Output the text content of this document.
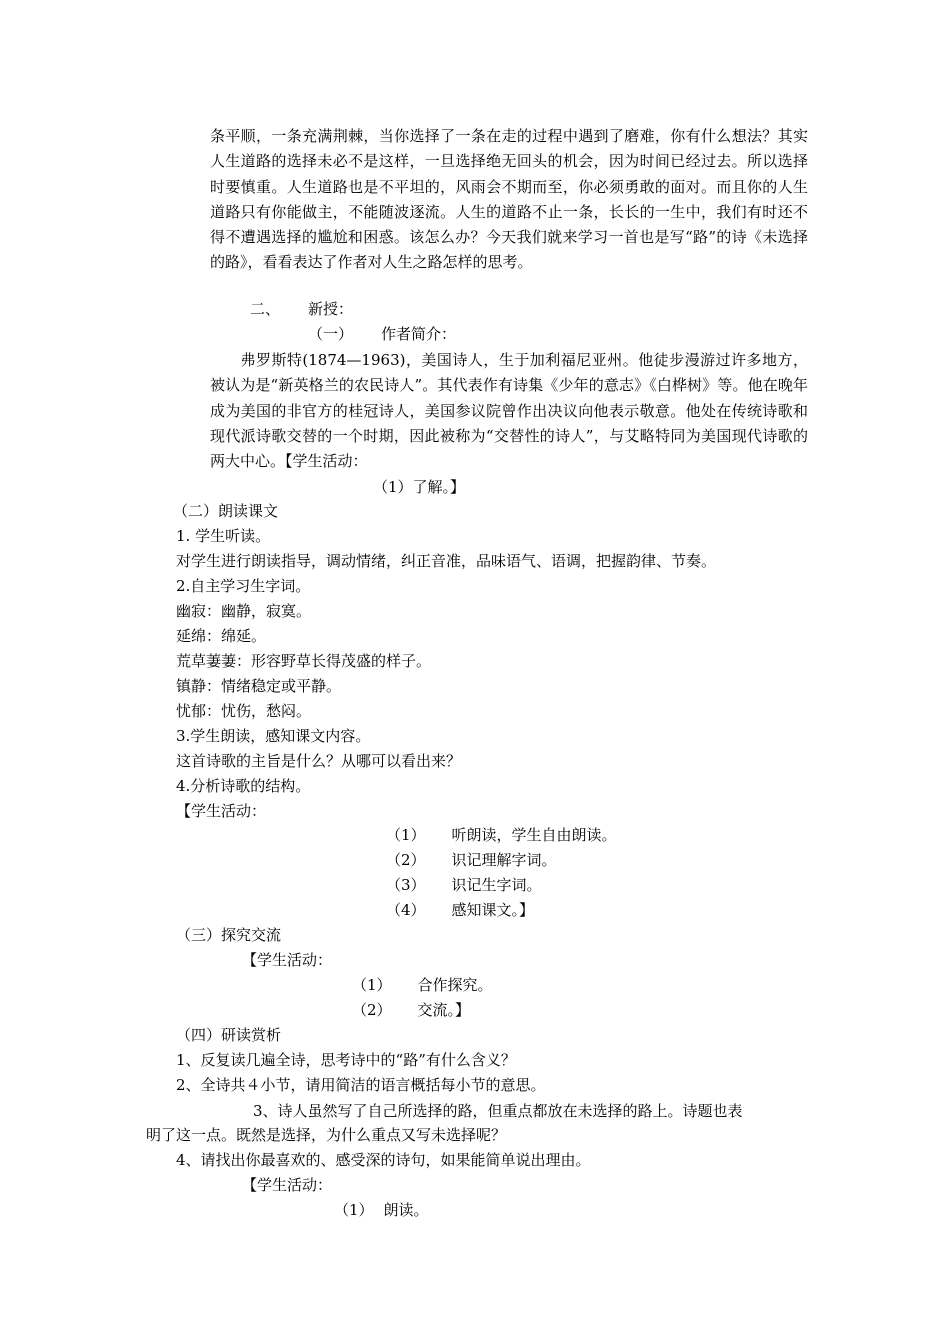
条平顺，一条充满荆棘，当你选择了一条在走的过程中遇到了磨难，你有什么想法？其实人生道路的选择未必不是这样，一旦选择绝无回头的机会，因为时间已经过去。所以选择时要慎重。人生道路也是不平坦的，风雨会不期而至，你必须勇敢的面对。而且你的人生道路只有你能做主，不能随波逐流。人生的道路不止一条，长长的一生中，我们有时还不得不遭遇选择的尴尬和困惑。该怎么办？今天我们就来学习一首也是写“路”的诗《未选择的路》，看看表达了作者对人生之路怎样的思考。
二、 新授：
（一） 作者简介：
弗罗斯特(1874—1963)，美国诗人，生于加利福尼亚州。他徒步漫游过许多地方，被认为是“新英格兰的农民诗人”。其代表作有诗集《少年的意志》《白桦树》等。他在晚年成为美国的非官方的桂冠诗人，美国参议院曾作出决议向他表示敬意。他处在传统诗歌和现代派诗歌交替的一个时期，因此被称为“交替性的诗人”，与艾略特同为美国现代诗歌的两大中心。【学生活动：
（1）了解。】
（二）朗读课文
1. 学生听读。
对学生进行朗读指导，调动情绪，纠正音准，品味语气、语调，把握韵律、节奏。
2.自主学习生字词。
幽寂：幽静，寂寞。
延绵：绵延。
荒草萋萋：形容野草长得茂盛的样子。
镇静：情绪稳定或平静。
忧郁：忧伤，愁闷。
3.学生朗读，感知课文内容。
这首诗歌的主旨是什么？从哪可以看出来？
4.分析诗歌的结构。
【学生活动：
（1） 听朗读，学生自由朗读。
（2） 识记理解字词。
（3） 识记生字词。
（4） 感知课文。】
（三）探究交流
【学生活动：
（1） 合作探究。
（2） 交流。】
（四）研读赏析
1、反复读几遍全诗，思考诗中的“路”有什么含义？
2、全诗共４小节，请用简洁的语言概括每小节的意思。
3、诗人虽然写了自己所选择的路，但重点都放在未选择的路上。诗题也表
明了这一点。既然是选择，为什么重点又写未选择呢？
4、请找出你最喜欢的、感受深的诗句，如果能简单说出理由。
【学生活动：
（1） 朗读。
